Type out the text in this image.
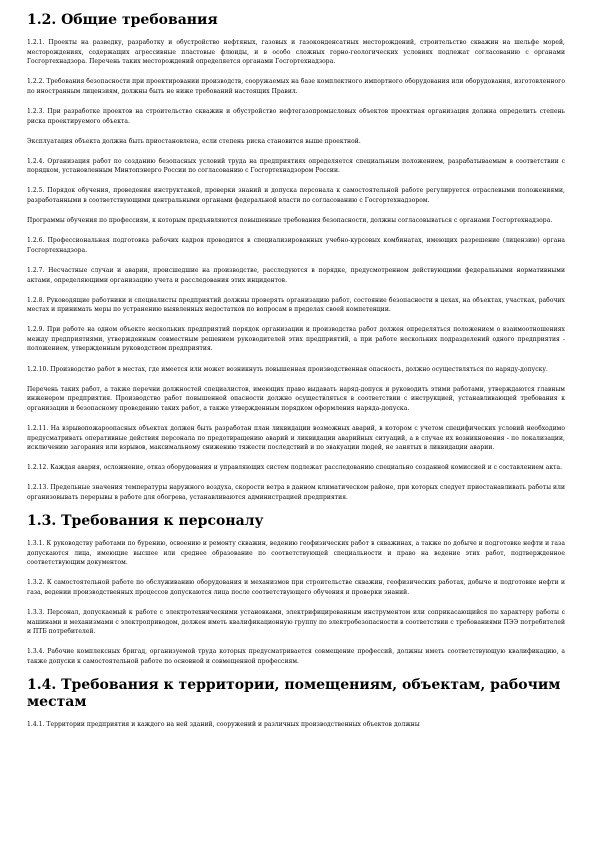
1.2. Общие требования

1.2.1. Проекты на разведку, разработку и обустройство нефтяных, газовых и газоконденсатных месторождений, строительство скважин на шельфе морей, месторождениях, содержащих агрессивные пластовые флюиды, и в особо сложных горно-геологических условиях подлежат согласованию с органами Госгортехнадзора. Перечень таких месторождений определяется органами Госгортехнадзора.

1.2.2. Требования безопасности при проектировании производств, сооружаемых на базе комплектного импортного оборудования или оборудования, изготовленного по иностранным лицензиям, должны быть не ниже требований настоящих Правил.

1.2.3. При разработке проектов на строительство скважин и обустройство нефтегазопромысловых объектов проектная организация должна определить степень риска проектируемого объекта.

Эксплуатация объекта должна быть приостановлена, если степень риска становится выше проектной.

1.2.4. Организация работ по созданию безопасных условий труда на предприятиях определяется специальным положением, разрабатываемым в соответствии с порядком, установленным Минтопэнерго России по согласованию с Госгортехнадзором России.

1.2.5. Порядок обучения, проведения инструктажей, проверки знаний и допуска персонала к самостоятельной работе регулируется отраслевыми положениями, разработанными в соответствующими центральными органами федеральной власти по согласованию с Госгортехнадзором.

Программы обучения по профессиям, к которым предъявляются повышенные требования безопасности, должны согласовываться с органами Госгортехнадзора.

1.2.6. Профессиональная подготовка рабочих кадров проводится в специализированных учебно-курсовых комбинатах, имеющих разрешение (лицензию) органа Госгортехнадзора.

1.2.7. Несчастные случаи и аварии, происшедшие на производстве, расследуются в порядке, предусмотренном действующими федеральными нормативными актами, определяющими организацию учета и расследования этих инцидентов.

1.2.8. Руководящие работники и специалисты предприятий должны проверять организацию работ, состояние безопасности в цехах, на объектах, участках, рабочих местах и принимать меры по устранению выявленных недостатков по вопросам в пределах своей компетенции.

1.2.9. При работе на одном объекте нескольких предприятий порядок организации и производства работ должен определяться положением о взаимоотношениях между предприятиями, утвержденным совместным решением руководителей этих предприятий, а при работе нескольких подразделений одного предприятия - положением, утвержденным руководством предприятия.

1.2.10. Производство работ в местах, где имеется или может возникнуть повышенная производственная опасность, должно осуществляться по наряду-допуску.

Перечень таких работ, а также перечни должностей специалистов, имеющих право выдавать наряд-допуск и руководить этими работами, утверждаются главным инженером предприятия. Производство работ повышенной опасности должно осуществляться в соответствии с инструкцией, устанавливающей требования к организации и безопасному проведению таких работ, а также утвержденным порядком оформления наряда-допуска.

1.2.11. На взрывопожароопасных объектах должен быть разработан план ликвидации возможных аварий, в котором с учетом специфических условий необходимо предусматривать оперативные действия персонала по предотвращению аварий и ликвидации аварийных ситуаций, а в случае их возникновения - по локализации, исключению загорания или взрывов, максимальному снижению тяжести последствий и по эвакуации людей, не занятых в ликвидации аварии.

1.2.12. Каждая авария, осложнение, отказ оборудования и управляющих систем подлежат расследованию специально созданной комиссией и с составлением акта.

1.2.13. Предельные значения температуры наружного воздуха, скорости ветра в данном климатическом районе, при которых следует приостанавливать работы или организовывать перерывы в работе для обогрева, устанавливаются администрацией предприятия.

1.3. Требования к персоналу

1.3.1. К руководству работами по бурению, освоению и ремонту скважин, ведению геофизических работ в скважинах, а также по добыче и подготовке нефти и газа допускаются лица, имеющие высшее или среднее образование по соответствующей специальности и право на ведение этих работ, подтвержденное соответствующим документом.

1.3.2. К самостоятельной работе по обслуживанию оборудования и механизмов при строительстве скважин, геофизических работах, добыче и подготовке нефти и газа, ведении производственных процессов допускаются лица после соответствующего обучения и проверки знаний.

1.3.3. Персонал, допускаемый к работе с электротехническими установками, электрифицированным инструментом или соприкасающийся по характеру работы с машинами и механизмами с электроприводом, должен иметь квалификационную группу по электробезопасности в соответствии с требованиями ПЭЭ потребителей и ПТБ потребителей.

1.3.4. Рабочие комплексных бригад, организуемой труда которых предусматривается совмещение профессий, должны иметь соответствующую квалификацию, а также допуски к самостоятельной работе по основной и совмещенной профессиям.

1.4. Требования к территории, помещениям, объектам, рабочим местам

1.4.1. Территории предприятия и каждого на ней зданий, сооружений и различных производственных объектов должны
